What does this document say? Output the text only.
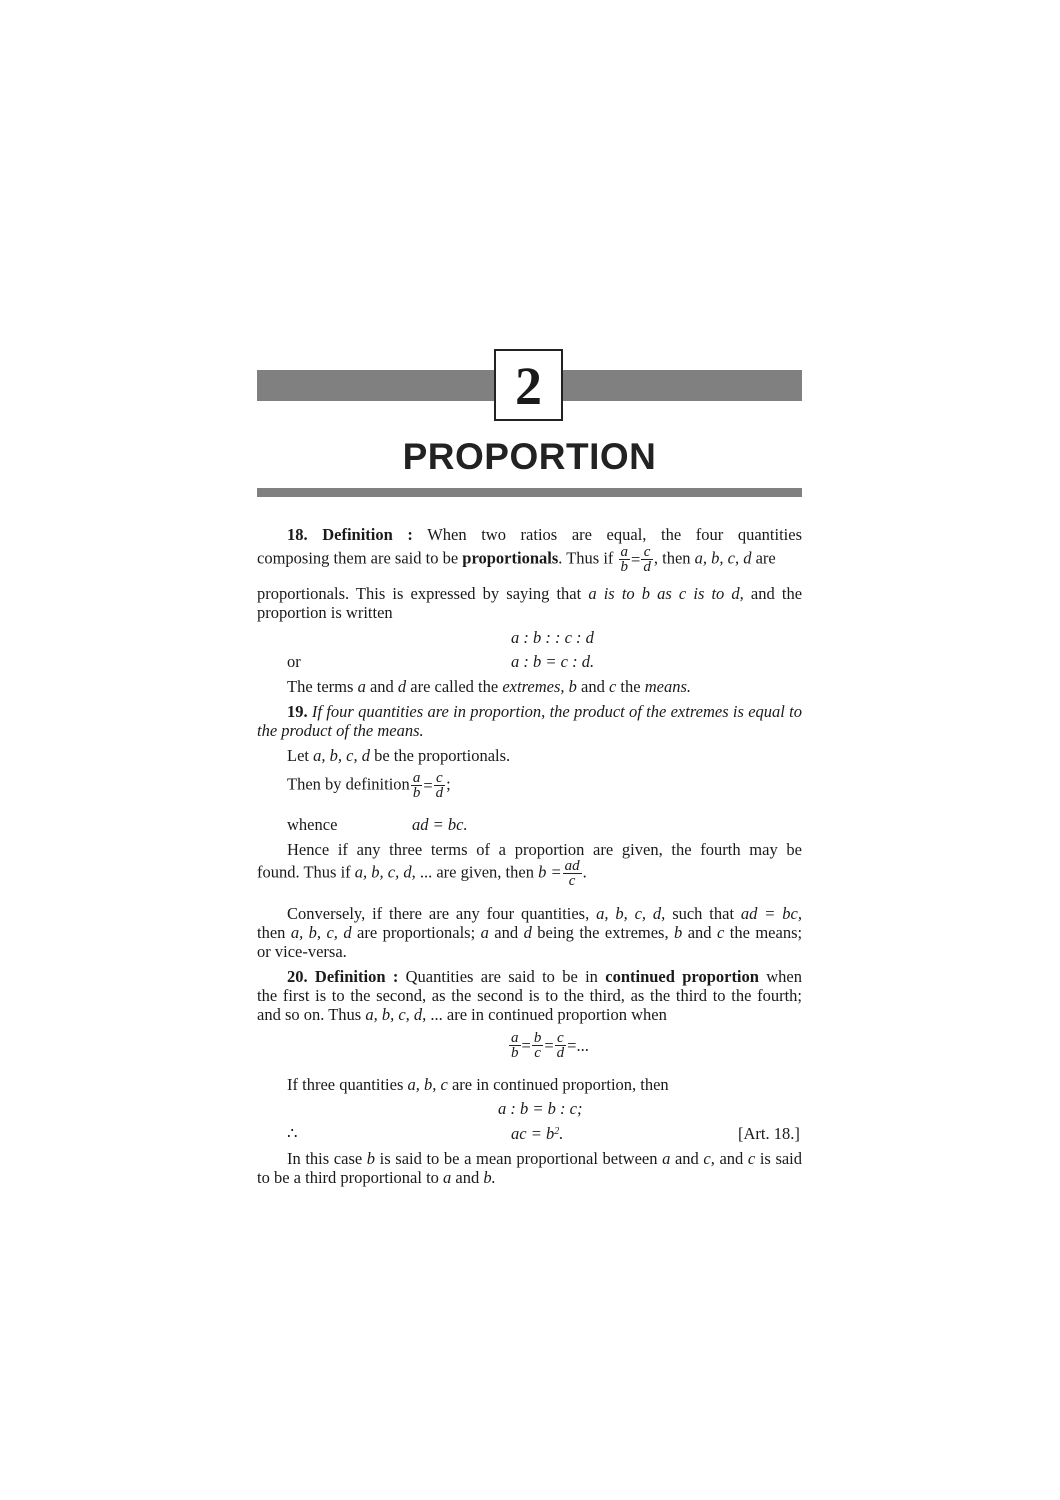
2
PROPORTION
18. Definition : When two ratios are equal, the four quantities
composing them are said to be proportionals. Thus if $\frac{a}{b} = \frac{c}{d}$ , then a, b, c, d are
proportionals. This is expressed by saying that a is to b as c is to d, and the
proportion is written
a : b : : c : d
or	a : b = c : d.
The terms a and d are called the extremes, b and c the means.
19. If four quantities are in proportion, the product of the extremes is equal to
the product of the means.
Let a, b, c, d be the proportionals.
Then by definition $\frac{a}{b} = \frac{c}{d}$ ;
whence	ad = bc.
Hence if any three terms of a proportion are given, the fourth may be
found. Thus if a, b, c, d, ... are given, then $b = \frac{ad}{c}$ .
Conversely, if there are any four quantities, a, b, c, d, such that ad = bc,
then a, b, c, d are proportionals; a and d being the extremes, b and c the means;
or vice-versa.
20. Definition : Quantities are said to be in continued proportion when
the first is to the second, as the second is to the third, as the third to the fourth;
and so on. Thus a, b, c, d, ... are in continued proportion when
$\frac{a}{b} = \frac{b}{c} = \frac{c}{d}$ =...
If three quantities a, b, c are in continued proportion, then
a : b = b : c;
∴	ac = $b^2$.	[Art. 18.]
In this case b is said to be a mean proportional between a and c, and c is said
to be a third proportional to a and b.
